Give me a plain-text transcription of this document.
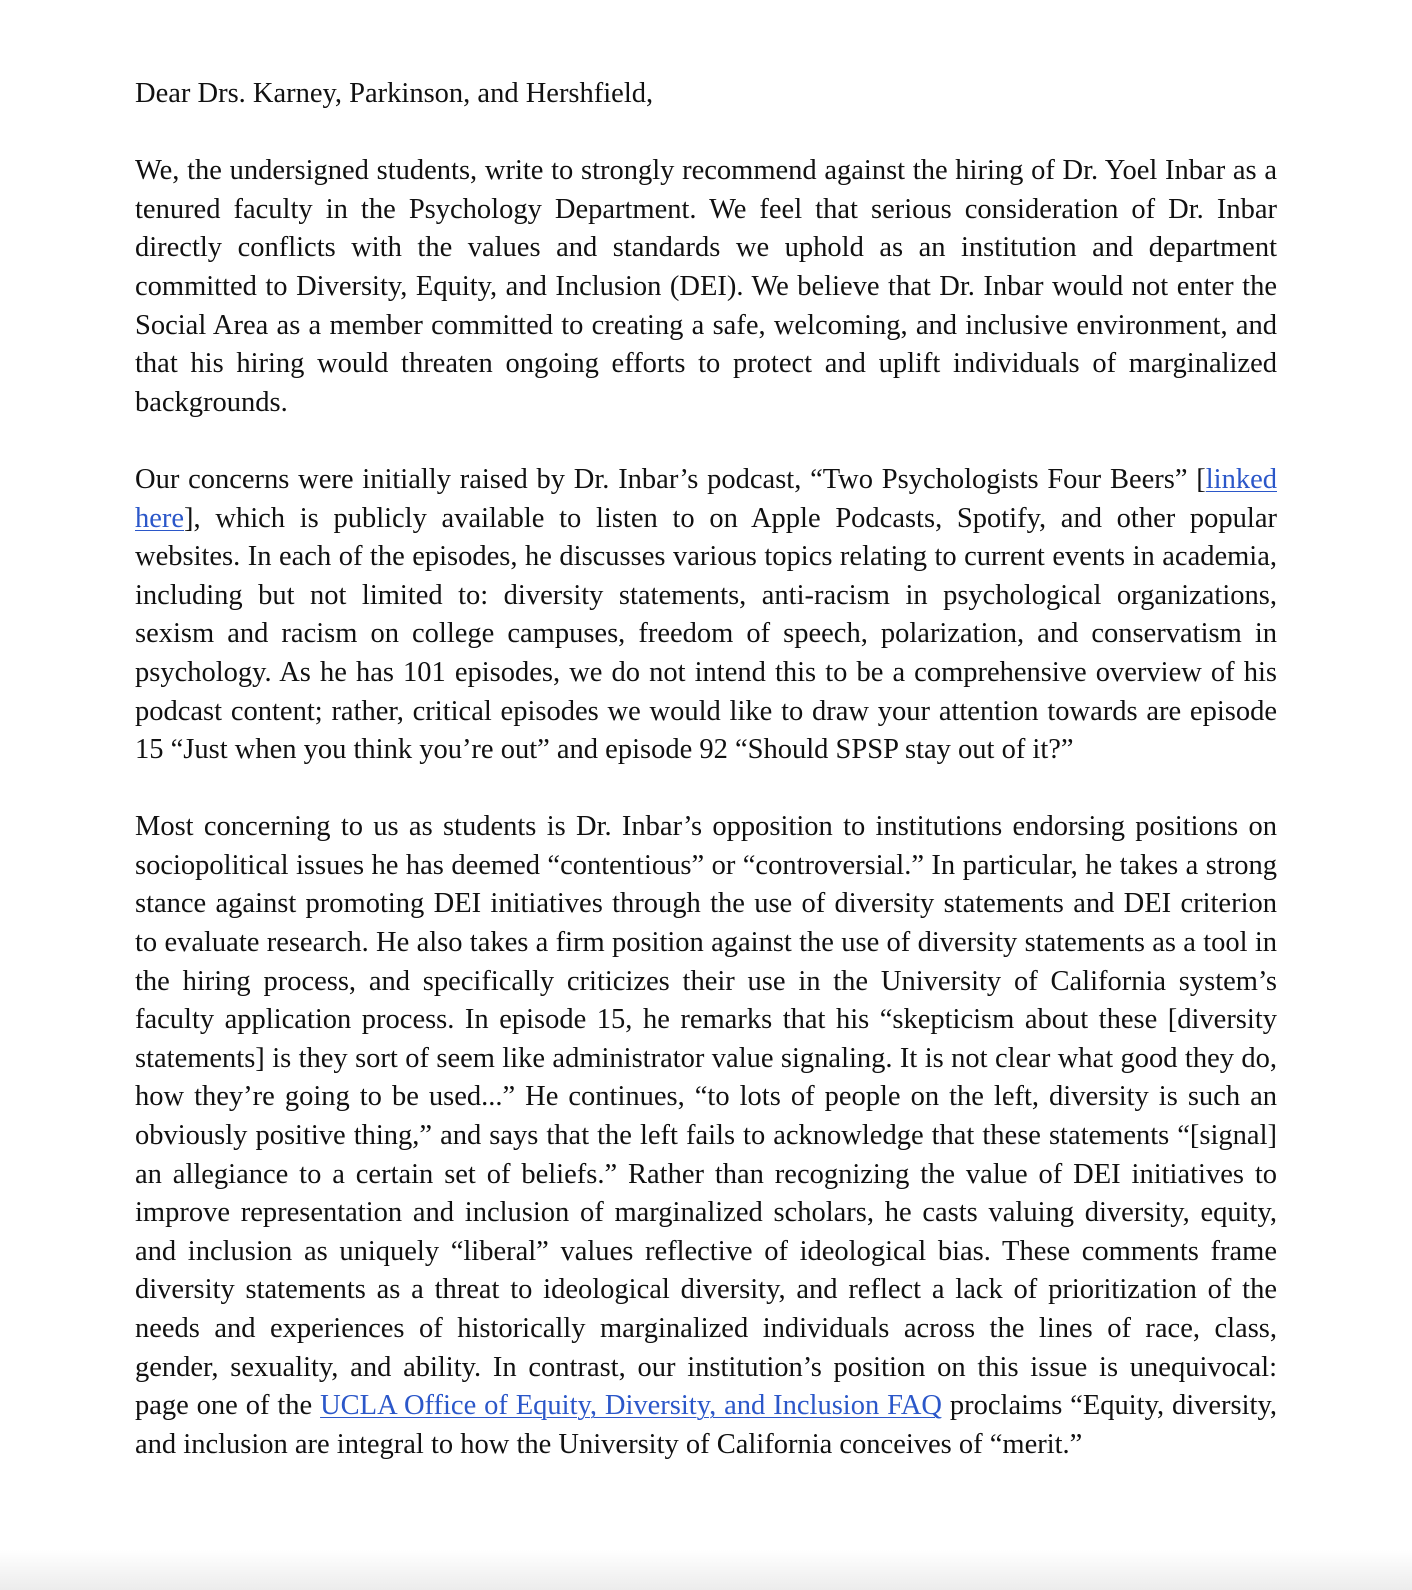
Dear Drs. Karney, Parkinson, and Hershfield,

We, the undersigned students, write to strongly recommend against the hiring of Dr. Yoel Inbar as a tenured faculty in the Psychology Department. We feel that serious consideration of Dr. Inbar directly conflicts with the values and standards we uphold as an institution and department committed to Diversity, Equity, and Inclusion (DEI). We believe that Dr. Inbar would not enter the Social Area as a member committed to creating a safe, welcoming, and inclusive environment, and that his hiring would threaten ongoing efforts to protect and uplift individuals of marginalized backgrounds.

Our concerns were initially raised by Dr. Inbar’s podcast, “Two Psychologists Four Beers” [linked here], which is publicly available to listen to on Apple Podcasts, Spotify, and other popular websites. In each of the episodes, he discusses various topics relating to current events in academia, including but not limited to: diversity statements, anti-racism in psychological organizations, sexism and racism on college campuses, freedom of speech, polarization, and conservatism in psychology. As he has 101 episodes, we do not intend this to be a comprehensive overview of his podcast content; rather, critical episodes we would like to draw your attention towards are episode 15 “Just when you think you’re out” and episode 92 “Should SPSP stay out of it?”

Most concerning to us as students is Dr. Inbar’s opposition to institutions endorsing positions on sociopolitical issues he has deemed “contentious” or “controversial.” In particular, he takes a strong stance against promoting DEI initiatives through the use of diversity statements and DEI criterion to evaluate research. He also takes a firm position against the use of diversity statements as a tool in the hiring process, and specifically criticizes their use in the University of California system’s faculty application process. In episode 15, he remarks that his “skepticism about these [diversity statements] is they sort of seem like administrator value signaling. It is not clear what good they do, how they’re going to be used...” He continues, “to lots of people on the left, diversity is such an obviously positive thing,” and says that the left fails to acknowledge that these statements “[signal] an allegiance to a certain set of beliefs.” Rather than recognizing the value of DEI initiatives to improve representation and inclusion of marginalized scholars, he casts valuing diversity, equity, and inclusion as uniquely “liberal” values reflective of ideological bias. These comments frame diversity statements as a threat to ideological diversity, and reflect a lack of prioritization of the needs and experiences of historically marginalized individuals across the lines of race, class, gender, sexuality, and ability. In contrast, our institution’s position on this issue is unequivocal: page one of the UCLA Office of Equity, Diversity, and Inclusion FAQ proclaims “Equity, diversity, and inclusion are integral to how the University of California conceives of “merit.”
